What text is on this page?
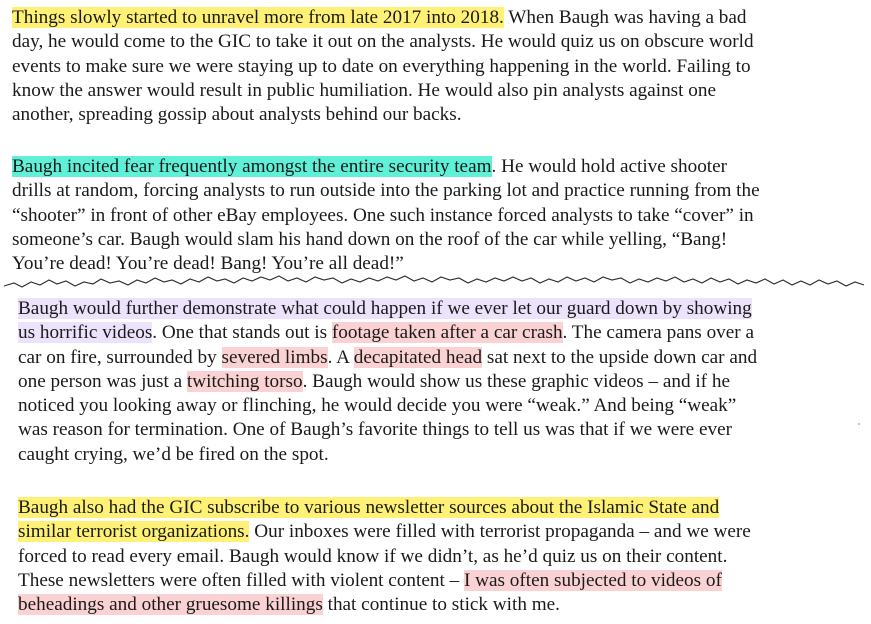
Things slowly started to unravel more from late 2017 into 2018. When Baugh was having a bad
day, he would come to the GIC to take it out on the analysts. He would quiz us on obscure world
events to make sure we were staying up to date on everything happening in the world. Failing to
know the answer would result in public humiliation. He would also pin analysts against one
another, spreading gossip about analysts behind our backs.
Baugh incited fear frequently amongst the entire security team. He would hold active shooter
drills at random, forcing analysts to run outside into the parking lot and practice running from the
“shooter” in front of other eBay employees. One such instance forced analysts to take “cover” in
someone’s car. Baugh would slam his hand down on the roof of the car while yelling, “Bang!
You’re dead! You’re dead! Bang! You’re all dead!”
Baugh would further demonstrate what could happen if we ever let our guard down by showing
us horrific videos. One that stands out is footage taken after a car crash. The camera pans over a
car on fire, surrounded by severed limbs. A decapitated head sat next to the upside down car and
one person was just a twitching torso. Baugh would show us these graphic videos – and if he
noticed you looking away or flinching, he would decide you were “weak.” And being “weak”
was reason for termination. One of Baugh’s favorite things to tell us was that if we were ever
caught crying, we’d be fired on the spot.
Baugh also had the GIC subscribe to various newsletter sources about the Islamic State and
similar terrorist organizations. Our inboxes were filled with terrorist propaganda – and we were
forced to read every email. Baugh would know if we didn’t, as he’d quiz us on their content.
These newsletters were often filled with violent content – I was often subjected to videos of
beheadings and other gruesome killings that continue to stick with me.
